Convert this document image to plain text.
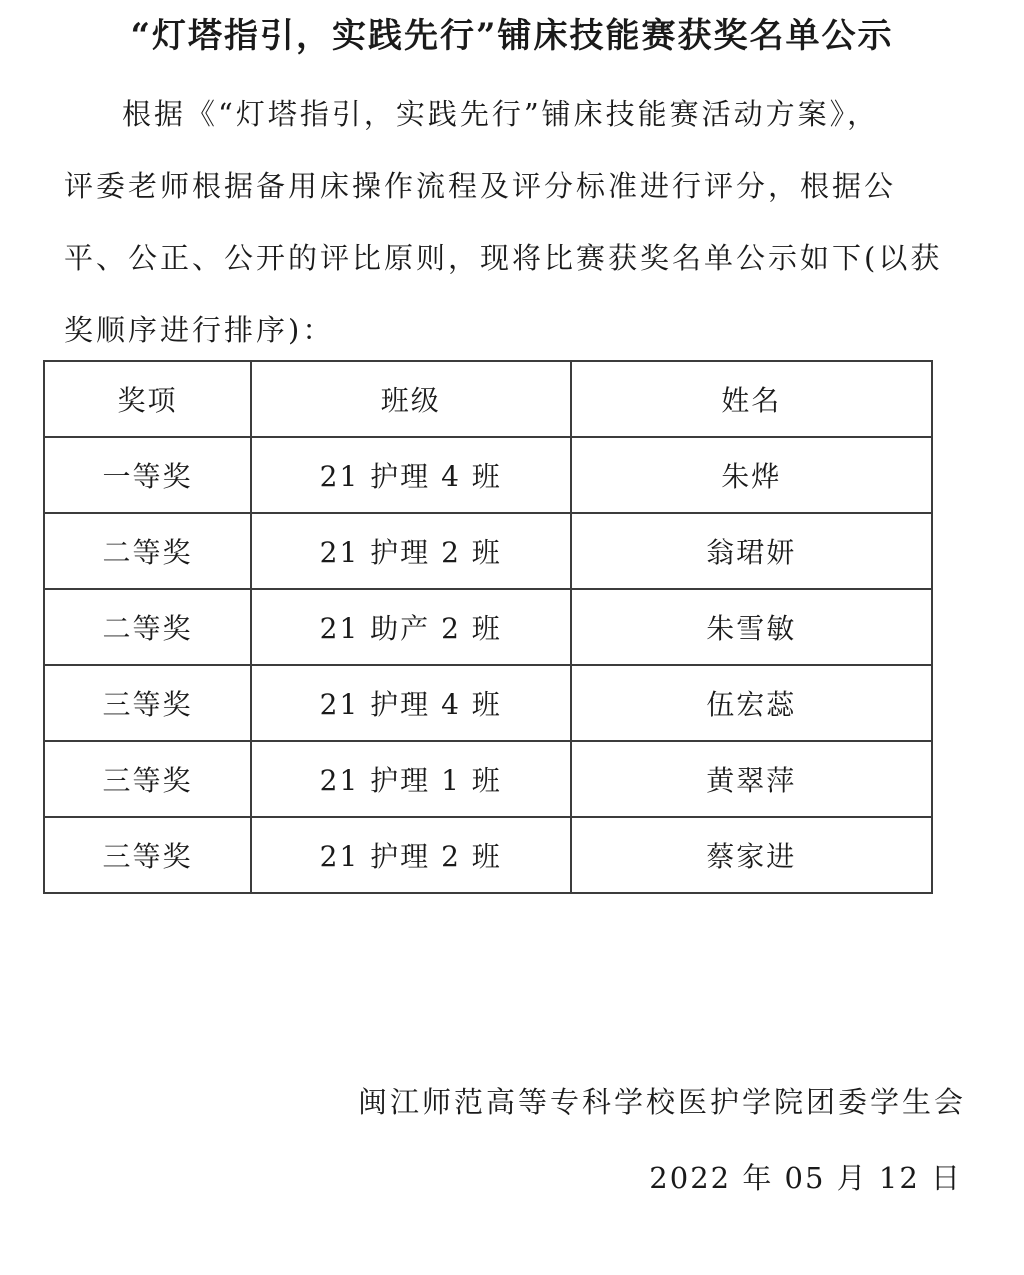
“灯塔指引，实践先行”铺床技能赛获奖名单公示
根据《“灯塔指引，实践先行”铺床技能赛活动方案》，
评委老师根据备用床操作流程及评分标准进行评分，根据公
平、公正、公开的评比原则，现将比赛获奖名单公示如下(以获
奖顺序进行排序)：
奖项	班级	姓名
一等奖	21 护理 4 班	朱烨
二等奖	21 护理 2 班	翁珺妍
二等奖	21 助产 2 班	朱雪敏
三等奖	21 护理 4 班	伍宏蕊
三等奖	21 护理 1 班	黄翠萍
三等奖	21 护理 2 班	蔡家进
闽江师范高等专科学校医护学院团委学生会
2022 年 05 月 12 日
